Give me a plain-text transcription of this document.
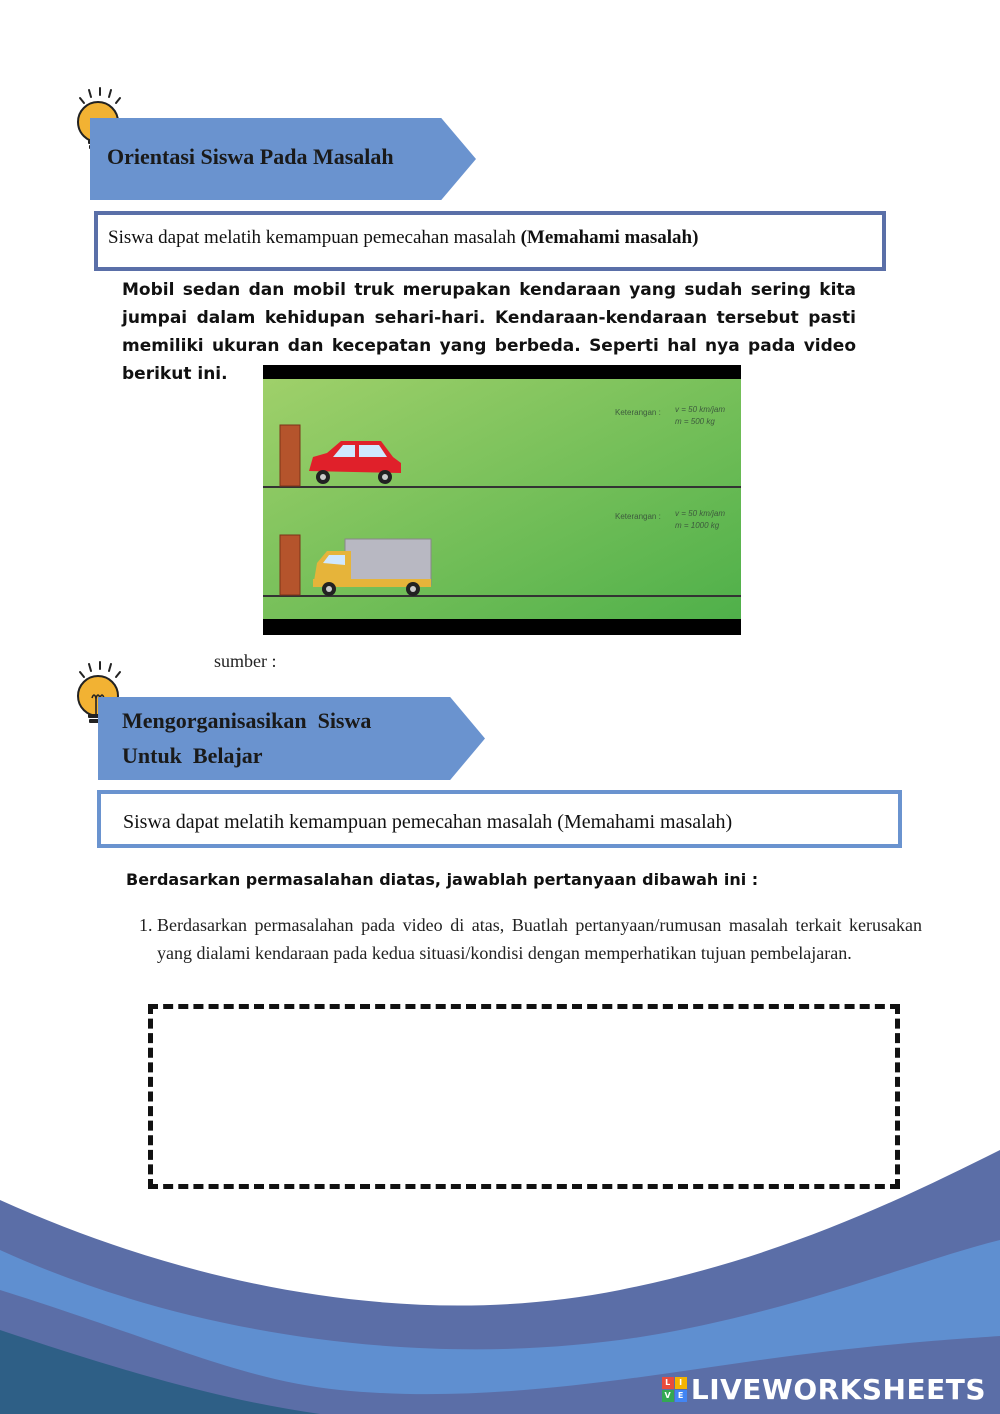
Orientasi Siswa Pada Masalah
Siswa dapat melatih kemampuan pemecahan masalah (Memahami masalah)
Mobil sedan dan mobil truk merupakan kendaraan yang sudah sering kita jumpai dalam kehidupan sehari-hari. Kendaraan-kendaraan tersebut pasti memiliki ukuran dan kecepatan yang berbeda. Seperti hal nya pada video berikut ini.
Keterangan : v = 50 km/jam
m = 500 kg
Keterangan : v = 50 km/jam
m = 1000 kg
sumber :
Mengorganisasikan  Siswa
Untuk  Belajar
Siswa dapat melatih kemampuan pemecahan masalah (Memahami masalah)
Berdasarkan permasalahan diatas, jawablah pertanyaan dibawah ini :
1. Berdasarkan permasalahan pada video di atas, Buatlah pertanyaan/rumusan masalah terkait kerusakan yang dialami kendaraan pada kedua situasi/kondisi dengan memperhatikan tujuan pembelajaran.
L	I
V E LIVEWORKSHEETS
